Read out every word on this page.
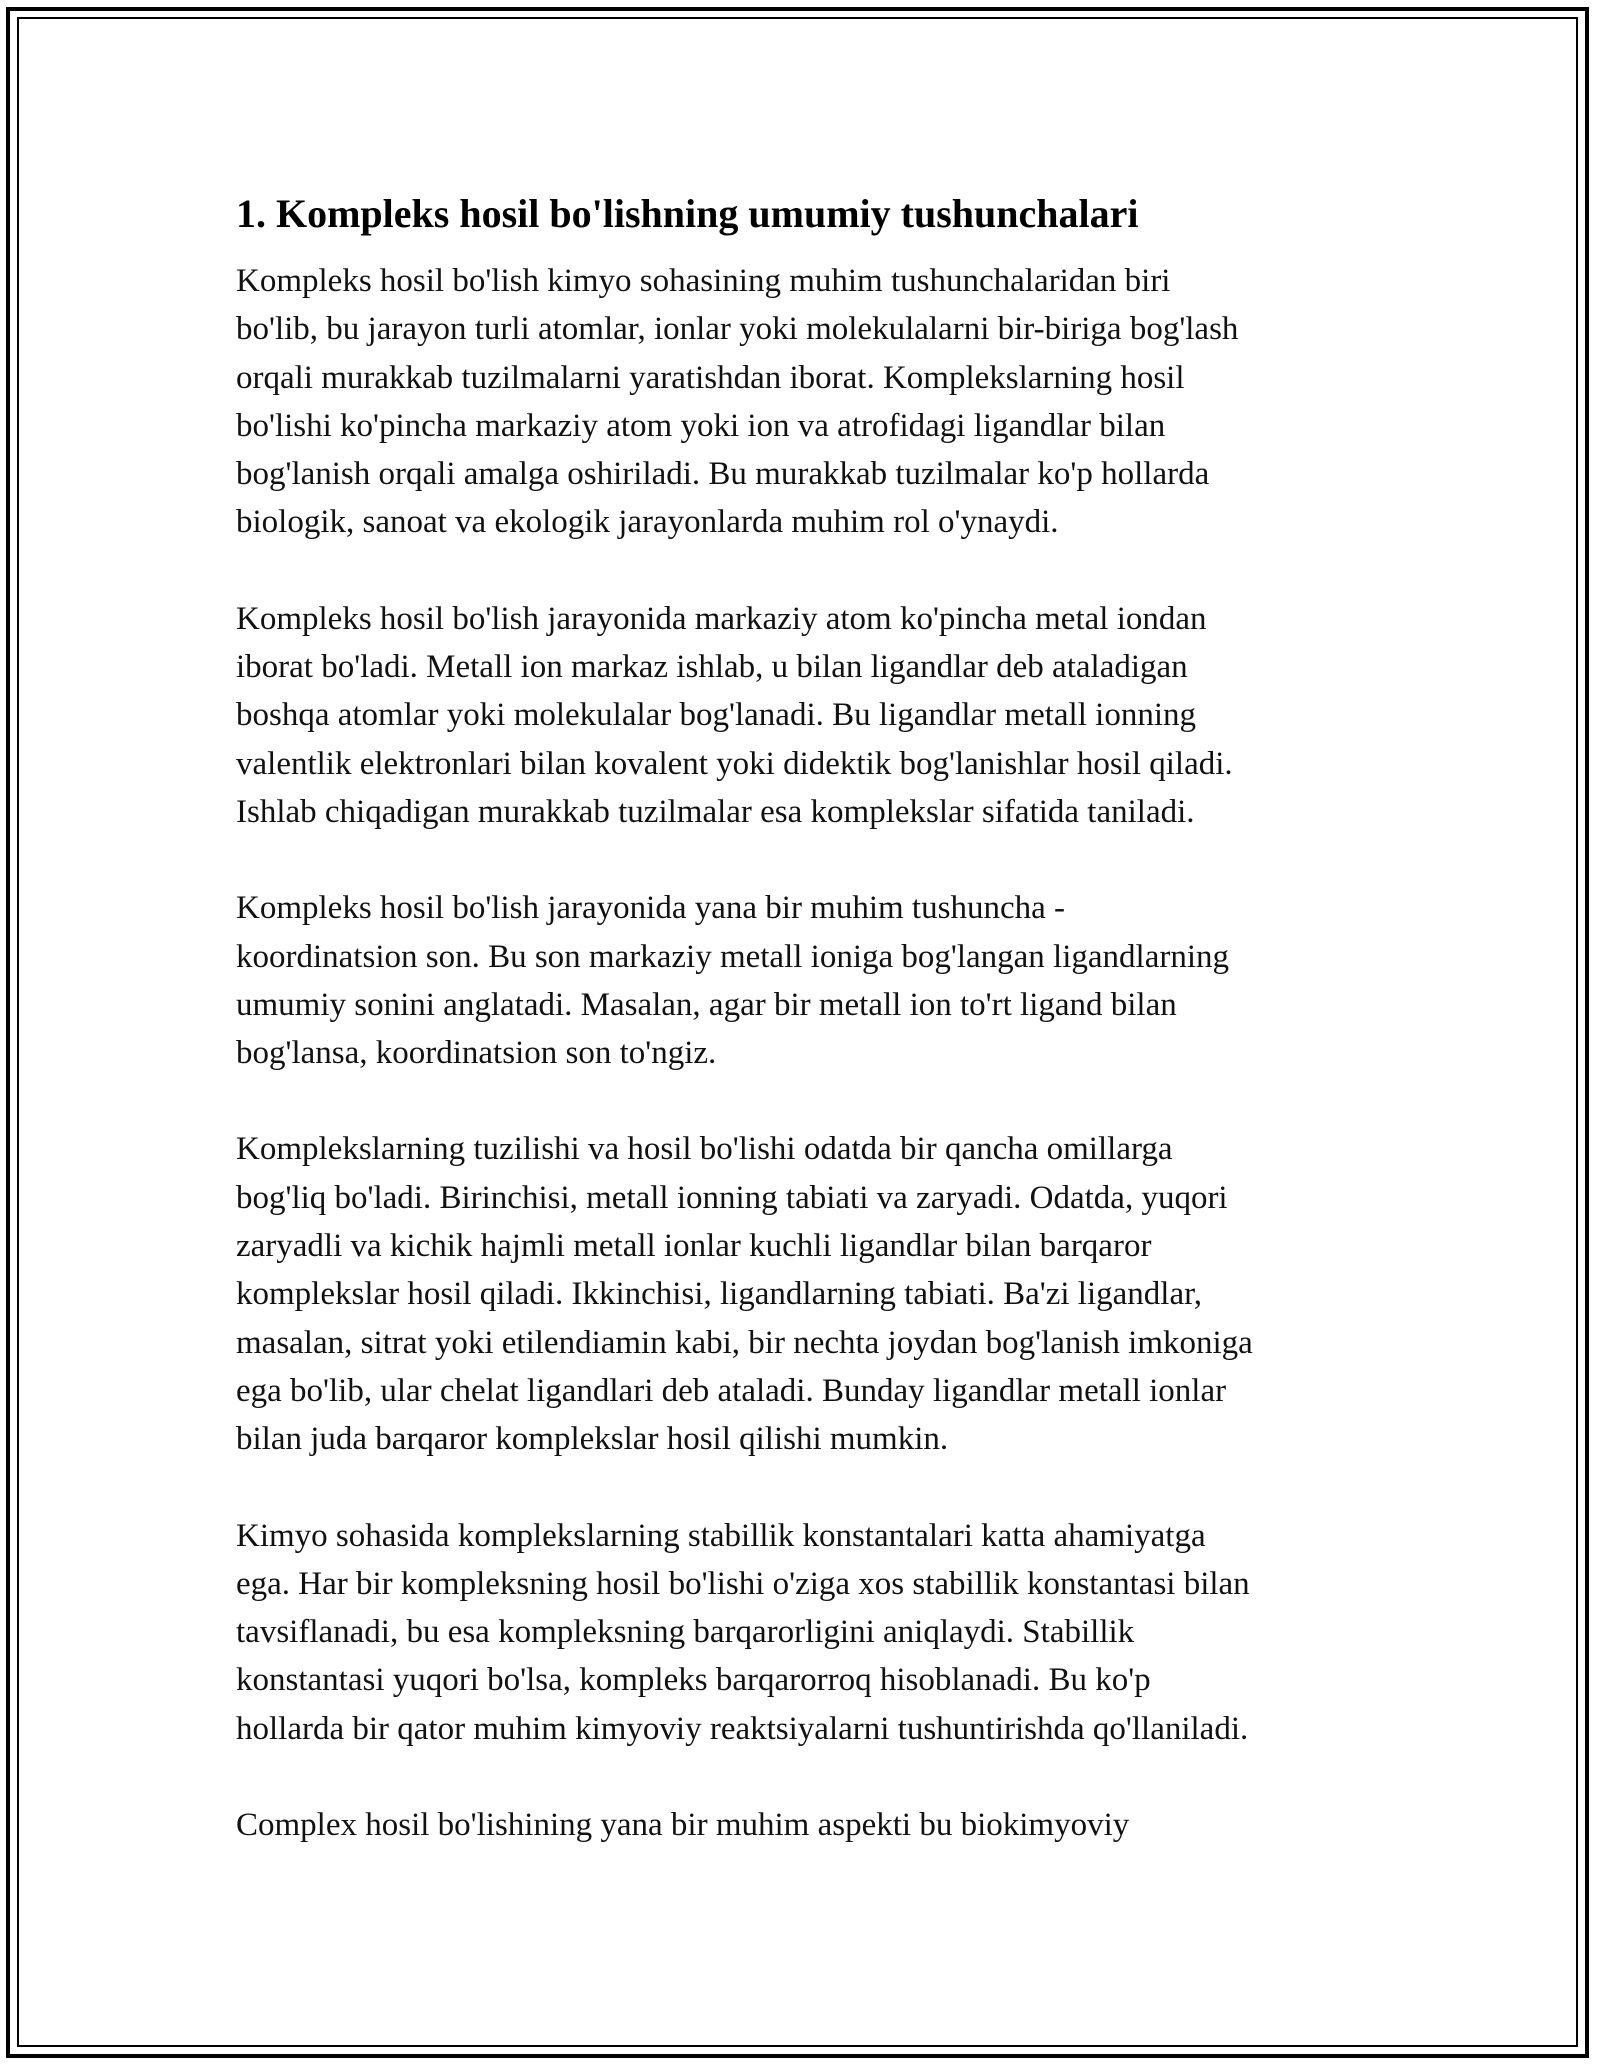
1. Kompleks hosil bo'lishning umumiy tushunchalari

Kompleks hosil bo'lish kimyo sohasining muhim tushunchalaridan biri
bo'lib, bu jarayon turli atomlar, ionlar yoki molekulalarni bir-biriga bog'lash
orqali murakkab tuzilmalarni yaratishdan iborat. Komplekslarning hosil
bo'lishi ko'pincha markaziy atom yoki ion va atrofidagi ligandlar bilan
bog'lanish orqali amalga oshiriladi. Bu murakkab tuzilmalar ko'p hollarda
biologik, sanoat va ekologik jarayonlarda muhim rol o'ynaydi.

Kompleks hosil bo'lish jarayonida markaziy atom ko'pincha metal iondan
iborat bo'ladi. Metall ion markaz ishlab, u bilan ligandlar deb ataladigan
boshqa atomlar yoki molekulalar bog'lanadi. Bu ligandlar metall ionning
valentlik elektronlari bilan kovalent yoki didektik bog'lanishlar hosil qiladi.
Ishlab chiqadigan murakkab tuzilmalar esa komplekslar sifatida taniladi.

Kompleks hosil bo'lish jarayonida yana bir muhim tushuncha -
koordinatsion son. Bu son markaziy metall ioniga bog'langan ligandlarning
umumiy sonini anglatadi. Masalan, agar bir metall ion to'rt ligand bilan
bog'lansa, koordinatsion son to'ngiz.

Komplekslarning tuzilishi va hosil bo'lishi odatda bir qancha omillarga
bog'liq bo'ladi. Birinchisi, metall ionning tabiati va zaryadi. Odatda, yuqori
zaryadli va kichik hajmli metall ionlar kuchli ligandlar bilan barqaror
komplekslar hosil qiladi. Ikkinchisi, ligandlarning tabiati. Ba'zi ligandlar,
masalan, sitrat yoki etilendiamin kabi, bir nechta joydan bog'lanish imkoniga
ega bo'lib, ular chelat ligandlari deb ataladi. Bunday ligandlar metall ionlar
bilan juda barqaror komplekslar hosil qilishi mumkin.

Kimyo sohasida komplekslarning stabillik konstantalari katta ahamiyatga
ega. Har bir kompleksning hosil bo'lishi o'ziga xos stabillik konstantasi bilan
tavsiflanadi, bu esa kompleksning barqarorligini aniqlaydi. Stabillik
konstantasi yuqori bo'lsa, kompleks barqarorroq hisoblanadi. Bu ko'p
hollarda bir qator muhim kimyoviy reaktsiyalarni tushuntirishda qo'llaniladi.

Complex hosil bo'lishining yana bir muhim aspekti bu biokimyoviy
